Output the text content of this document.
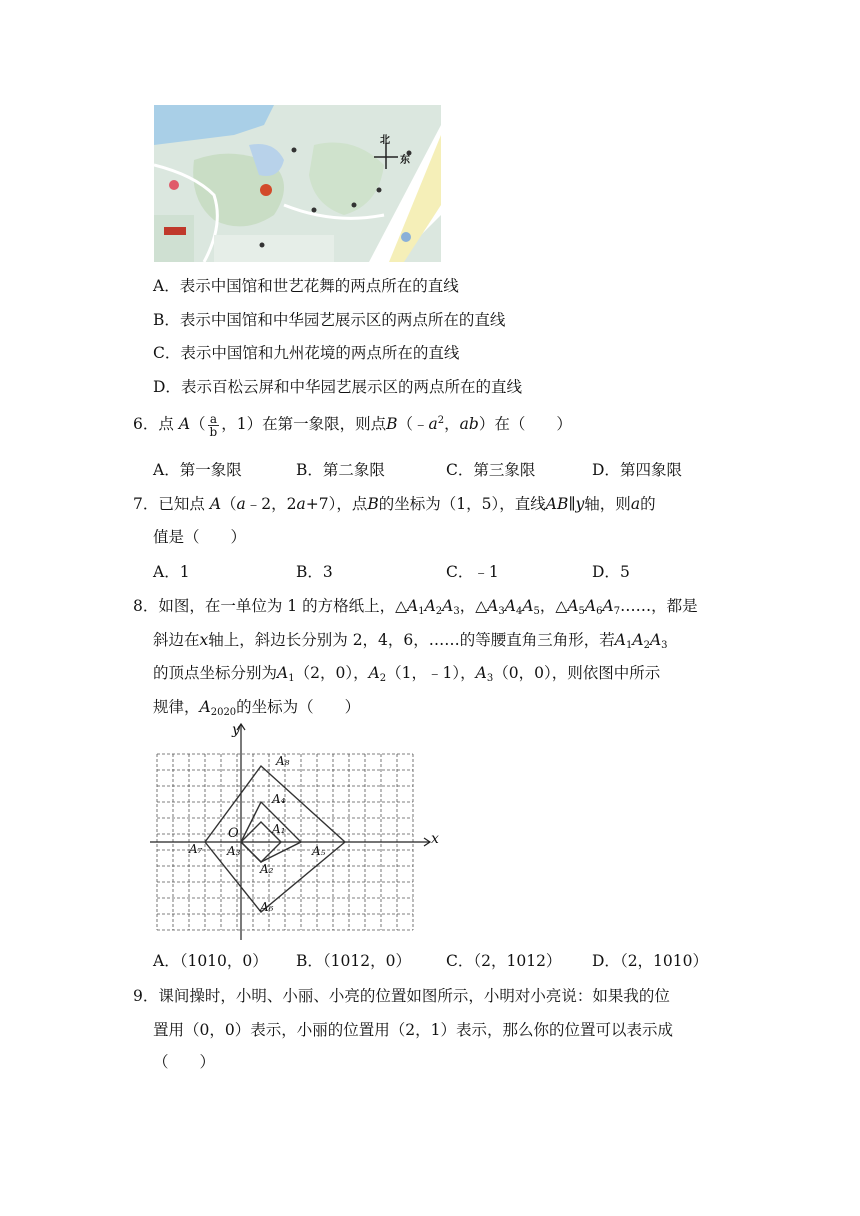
北
东
A．表示中国馆和世艺花舞的两点所在的直线
B．表示中国馆和中华园艺展示区的两点所在的直线
C．表示中国馆和九州花境的两点所在的直线
D．表示百松云屏和中华园艺展示区的两点所在的直线
6．点 $A( \frac{a}{b}$ ，1）在第一象限，则点$B(﹣a^2$，ab）在（　　）
A．第一象限	B．第二象限	C．第三象限	D．第四象限
7．已知点 A（a﹣2，2a+7），点B的坐标为（1，5），直线AB∥y轴，则a的
值是（　　）
A．1	B．3	C．﹣1	D．5
8．如图，在一单位为 1 的方格纸上，$\triangle A_1A_2A_3$，$\triangle A_3A_4A_5$，$\triangle A_5A_6A_7\dots\dots$，都是
斜边在x轴上，斜边长分别为 2，4，6，……的等腰直角三角形，若$A_1A_2A_3$
的顶点坐标分别为$A_1(2$，0），$A_2(1$，﹣1），$A_3(0$，0），则依图中所示
规律，$A_{2020}$的坐标为（　　）
y
x
O	A₁
A₂
A₃
A₄
A₅
A₆
A₇
A₈
A．（1010，0） B．（1012，0） C．（2，1012） D．（2，1010）
9．课间操时，小明、小丽、小亮的位置如图所示，小明对小亮说：如果我的位
置用（0，0）表示，小丽的位置用（2，1）表示，那么你的位置可以表示成
（　　）
